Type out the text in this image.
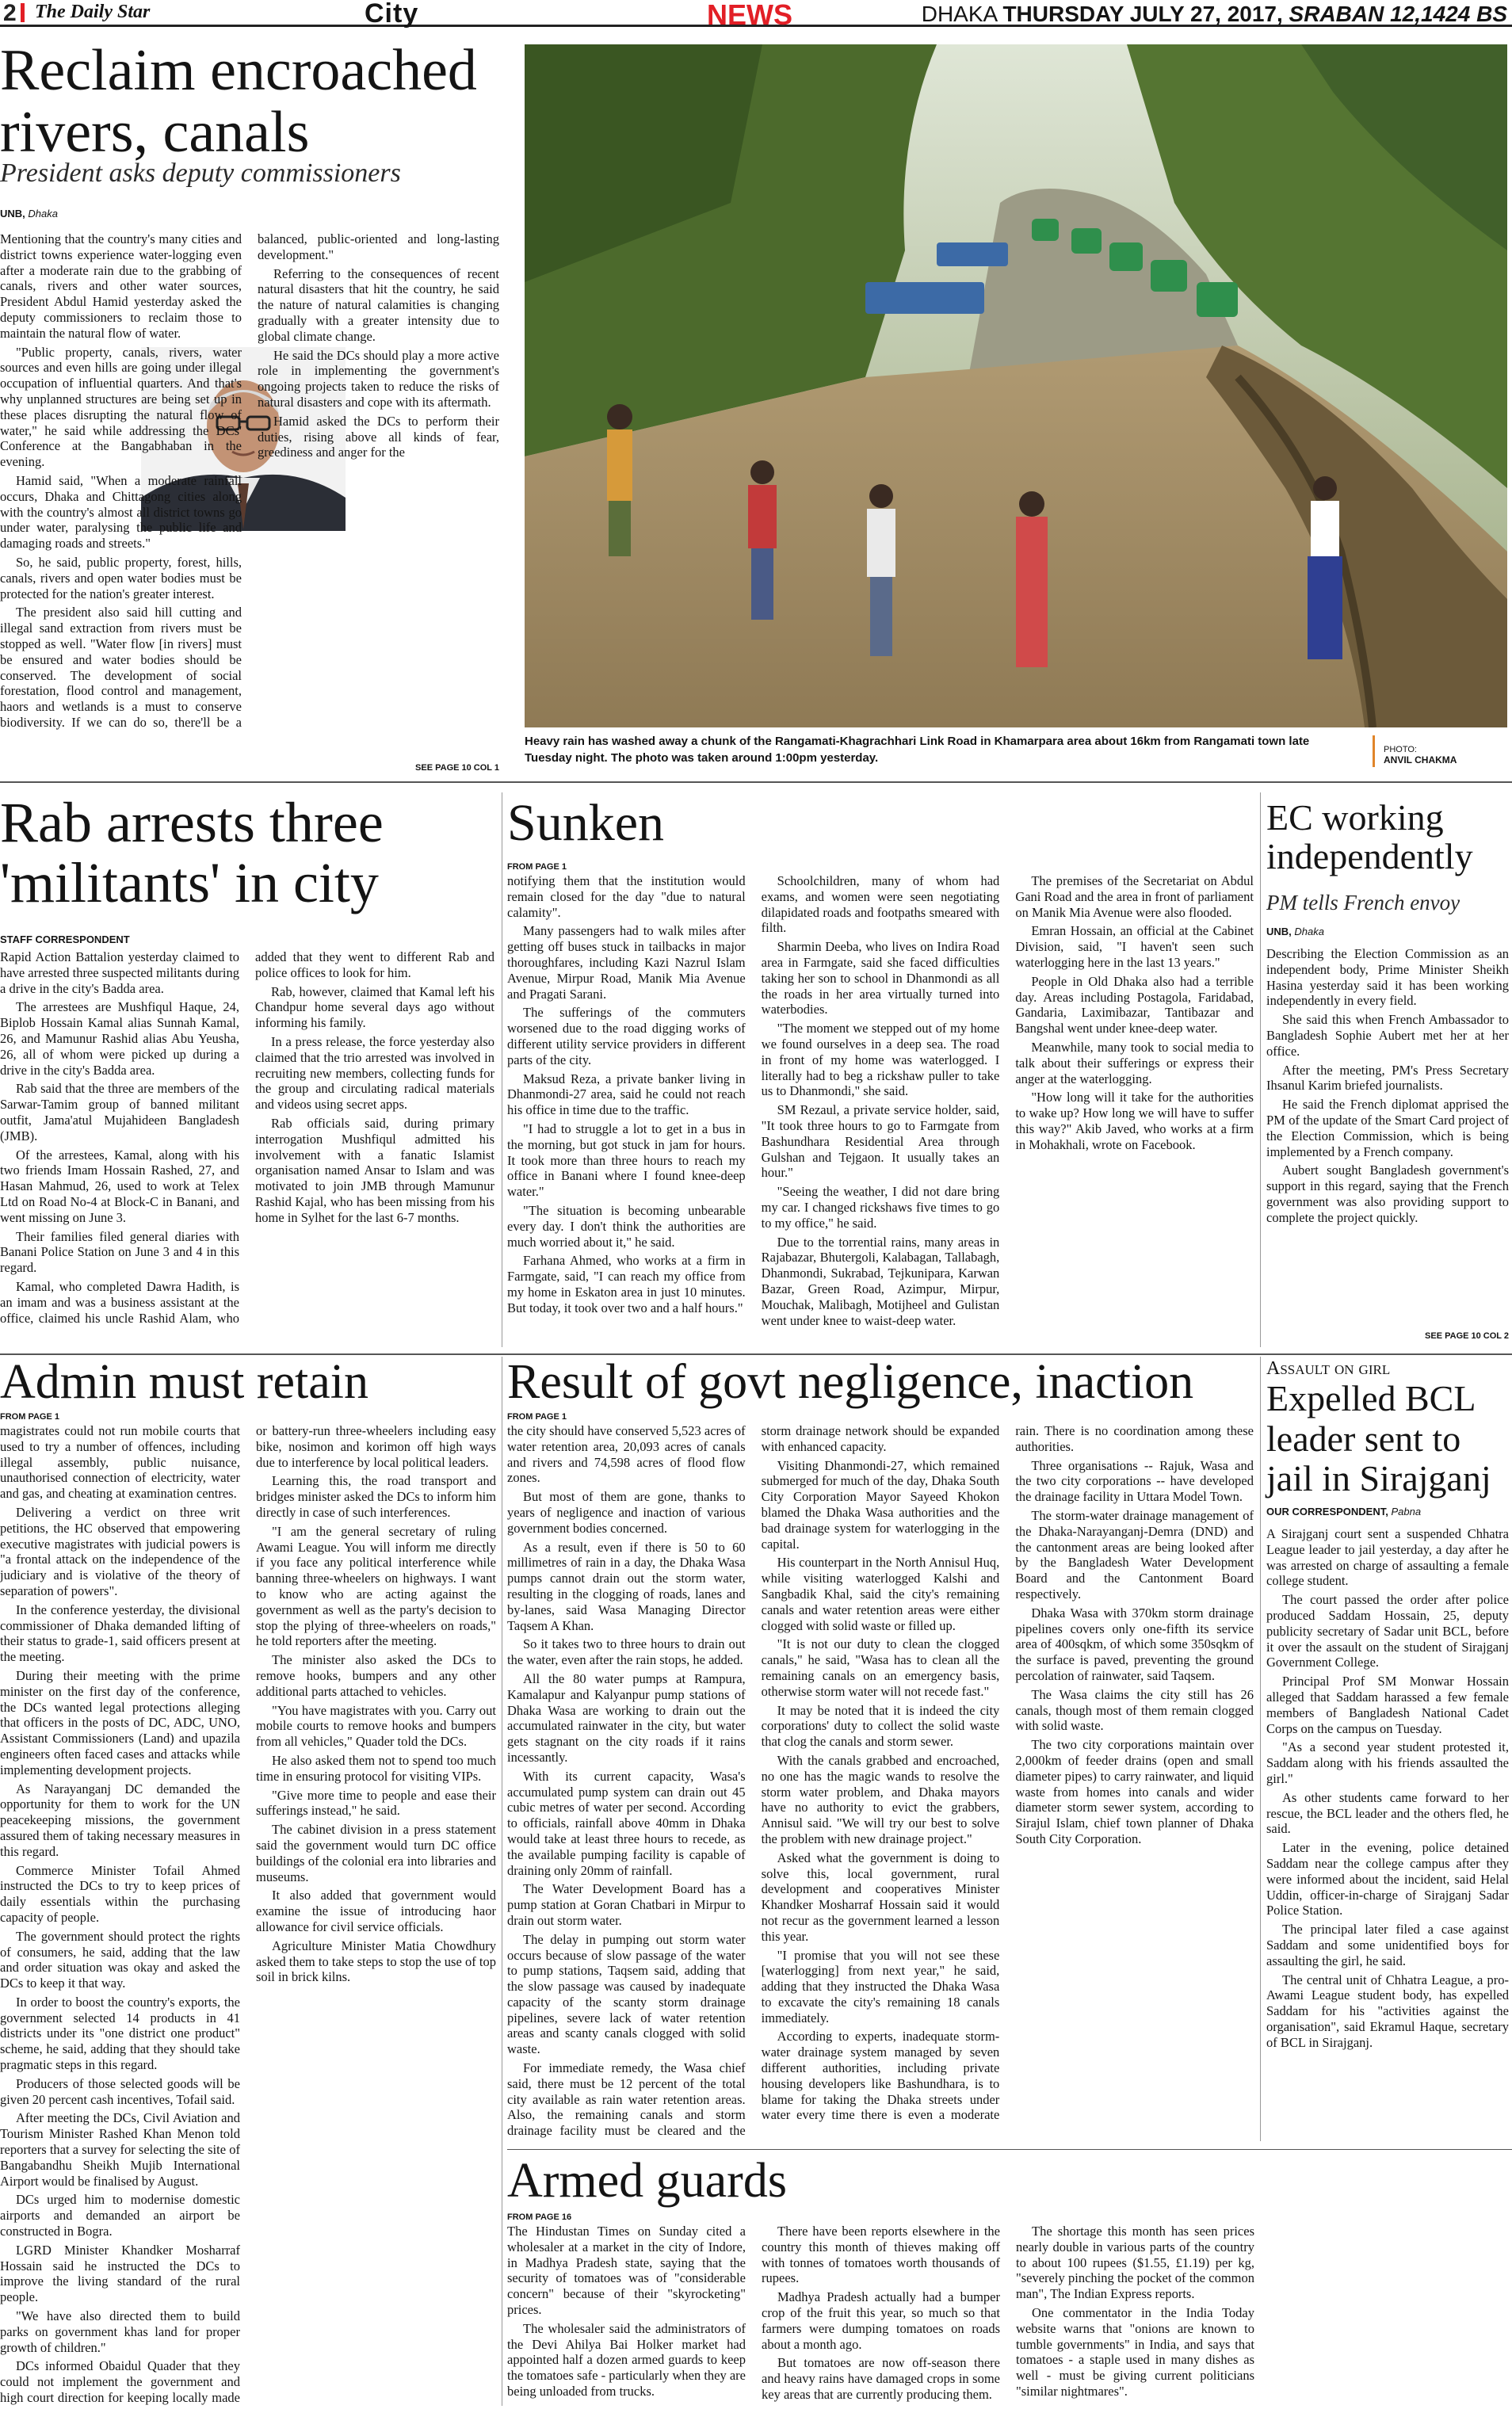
2 The Daily Star	City	NEWS	DHAKA THURSDAY JULY 27, 2017, SRABAN 12,1424 BS
Reclaim encroached rivers, canals
President asks deputy commissioners
UNB, Dhaka

Mentioning that the country's many cities and district towns experience water-logging even after a moderate rain due to the grabbing of canals, rivers and other water sources, President Abdul Hamid yesterday asked the deputy commissioners to reclaim those to maintain the natural flow of water.

"Public property, canals, rivers, water sources and even hills are going under illegal occupation of influential quarters. And that's why unplanned structures are being set up in these places disrupting the natural flow of water," he said while addressing the DCs' Conference at the Bangabhaban in the evening.

Hamid said, "When a moderate rainfall occurs, Dhaka and Chittagong cities along with the country's almost all district towns go under water, paralysing the public life and damaging roads and streets."

So, he said, public property, forest, hills, canals, rivers and open water bodies must be protected for the nation's greater interest.

The president also said hill cutting and illegal sand extraction from rivers must be stopped as well. "Water flow [in rivers] must be ensured and water bodies should be conserved. The development of social forestation, flood control and management, haors and wetlands is a must to conserve biodiversity. If we can do so, there'll be a balanced, public-oriented and long-lasting development."

Referring to the consequences of recent natural disasters that hit the country, he said the nature of natural calamities is changing gradually with a greater intensity due to global climate change.

He said the DCs should play a more active role in implementing the government's ongoing projects taken to reduce the risks of natural disasters and cope with its aftermath.

Hamid asked the DCs to perform their duties, rising above all kinds of fear, greediness and anger for the

SEE PAGE 10 COL 1
Heavy rain has washed away a chunk of the Rangamati-Khagrachhari Link Road in Khamarpara area about 16km from Rangamati town late Tuesday night. The photo was taken around 1:00pm yesterday.
PHOTO:
ANVIL CHAKMA
Rab arrests three 'militants' in city
STAFF CORRESPONDENT

Rapid Action Battalion yesterday claimed to have arrested three suspected militants during a drive in the city's Badda area.

The arrestees are Mushfiqul Haque, 24, Biplob Hossain Kamal alias Sunnah Kamal, 26, and Mamunur Rashid alias Abu Yeusha, 26, all of whom were picked up during a drive in the city's Badda area.

Rab said that the three are members of the Sarwar-Tamim group of banned militant outfit, Jama'atul Mujahideen Bangladesh (JMB).

Of the arrestees, Kamal, along with his two friends Imam Hossain Rashed, 27, and Hasan Mahmud, 26, used to work at Telex Ltd on Road No-4 at Block-C in Banani, and went missing on June 3.

Their families filed general diaries with Banani Police Station on June 3 and 4 in this regard.

Kamal, who completed Dawra Hadith, is an imam and was a business assistant at the office, claimed his uncle Rashid Alam, who added that they went to different Rab and police offices to look for him.

Rab, however, claimed that Kamal left his Chandpur home several days ago without informing his family.

In a press release, the force yesterday also claimed that the trio arrested was involved in recruiting new members, collecting funds for the group and circulating radical materials and videos using secret apps.

Rab officials said, during primary interrogation Mushfiqul admitted his involvement with a fanatic Islamist organisation named Ansar to Islam and was motivated to join JMB through Mamunur Rashid Kajal, who has been missing from his home in Sylhet for the last 6-7 months.

Sunken
FROM PAGE 1

notifying them that the institution would remain closed for the day "due to natural calamity".

Many passengers had to walk miles after getting off buses stuck in tailbacks in major thoroughfares, including Kazi Nazrul Islam Avenue, Mirpur Road, Manik Mia Avenue and Pragati Sarani.

The sufferings of the commuters worsened due to the road digging works of different utility service providers in different parts of the city.

Maksud Reza, a private banker living in Dhanmondi-27 area, said he could not reach his office in time due to the traffic.

"I had to struggle a lot to get in a bus in the morning, but got stuck in jam for hours. It took more than three hours to reach my office in Banani where I found knee-deep water."

"The situation is becoming unbearable every day. I don't think the authorities are much worried about it," he said.

Farhana Ahmed, who works at a firm in Farmgate, said, "I can reach my office from my home in Eskaton area in just 10 minutes. But today, it took over two and a half hours."

Schoolchildren, many of whom had exams, and women were seen negotiating dilapidated roads and footpaths smeared with filth.

Sharmin Deeba, who lives on Indira Road area in Farmgate, said she faced difficulties taking her son to school in Dhanmondi as all the roads in her area virtually turned into waterbodies.

"The moment we stepped out of my home we found ourselves in a deep sea. The road in front of my home was waterlogged. I literally had to beg a rickshaw puller to take us to Dhanmondi," she said.

SM Rezaul, a private service holder, said, "It took three hours to go to Farmgate from Bashundhara Residential Area through Gulshan and Tejgaon. It usually takes an hour."

"Seeing the weather, I did not dare bring my car. I changed rickshaws five times to go to my office," he said.

Due to the torrential rains, many areas in Rajabazar, Bhutergoli, Kalabagan, Tallabagh, Dhanmondi, Sukrabad, Tejkunipara, Karwan Bazar, Green Road, Azimpur, Mirpur, Mouchak, Malibagh, Motijheel and Gulistan went under knee to waist-deep water.

The premises of the Secretariat on Abdul Gani Road and the area in front of parliament on Manik Mia Avenue were also flooded.

Emran Hossain, an official at the Cabinet Division, said, "I haven't seen such waterlogging here in the last 13 years."

People in Old Dhaka also had a terrible day. Areas including Postagola, Faridabad, Gandaria, Laximibazar, Tantibazar and Bangshal went under knee-deep water.

Meanwhile, many took to social media to talk about their sufferings or express their anger at the waterlogging.

"How long will it take for the authorities to wake up? How long we will have to suffer this way?" Akib Javed, who works at a firm in Mohakhali, wrote on Facebook.

EC working independently
PM tells French envoy
UNB, Dhaka

Describing the Election Commission as an independent body, Prime Minister Sheikh Hasina yesterday said it has been working independently in every field.

She said this when French Ambassador to Bangladesh Sophie Aubert met her at her office.

After the meeting, PM's Press Secretary Ihsanul Karim briefed journalists.

He said the French diplomat apprised the PM of the update of the Smart Card project of the Election Commission, which is being implemented by a French company.

Aubert sought Bangladesh government's support in this regard, saying that the French government was also providing support to complete the project quickly.

SEE PAGE 10 COL 2
Admin must retain
FROM PAGE 1

magistrates could not run mobile courts that used to try a number of offences, including illegal assembly, public nuisance, unauthorised connection of electricity, water and gas, and cheating at examination centres.

Delivering a verdict on three writ petitions, the HC observed that empowering executive magistrates with judicial powers is "a frontal attack on the independence of the judiciary and is violative of the theory of separation of powers".

In the conference yesterday, the divisional commissioner of Dhaka demanded lifting of their status to grade-1, said officers present at the meeting.

During their meeting with the prime minister on the first day of the conference, the DCs wanted legal protections alleging that officers in the posts of DC, ADC, UNO, Assistant Commissioners (Land) and upazila engineers often faced cases and attacks while implementing development projects.

As Narayanganj DC demanded the opportunity for them to work for the UN peacekeeping missions, the government assured them of taking necessary measures in this regard.

Commerce Minister Tofail Ahmed instructed the DCs to try to keep prices of daily essentials within the purchasing capacity of people.

The government should protect the rights of consumers, he said, adding that the law and order situation was okay and asked the DCs to keep it that way.

In order to boost the country's exports, the government selected 14 products in 41 districts under its "one district one product" scheme, he said, adding that they should take pragmatic steps in this regard.

Producers of those selected goods will be given 20 percent cash incentives, Tofail said.

After meeting the DCs, Civil Aviation and Tourism Minister Rashed Khan Menon told reporters that a survey for selecting the site of Bangabandhu Sheikh Mujib International Airport would be finalised by August.

DCs urged him to modernise domestic airports and demanded an airport be constructed in Bogra.

LGRD Minister Khandker Mosharraf Hossain said he instructed the DCs to improve the living standard of the rural people.

"We have also directed them to build parks on government khas land for proper growth of children."

DCs informed Obaidul Quader that they could not implement the government and high court direction for keeping locally made or battery-run three-wheelers including easy bike, nosimon and korimon off high ways due to interference by local political leaders.

Learning this, the road transport and bridges minister asked the DCs to inform him directly in case of such interferences.

"I am the general secretary of ruling Awami League. You will inform me directly if you face any political interference while banning three-wheelers on highways. I want to know who are acting against the government as well as the party's decision to stop the plying of three-wheelers on roads," he told reporters after the meeting.

The minister also asked the DCs to remove hooks, bumpers and any other additional parts attached to vehicles.

"You have magistrates with you. Carry out mobile courts to remove hooks and bumpers from all vehicles," Quader told the DCs.

He also asked them not to spend too much time in ensuring protocol for visiting VIPs.

"Give more time to people and ease their sufferings instead," he said.

The cabinet division in a press statement said the government would turn DC office buildings of the colonial era into libraries and museums.

It also added that government would examine the issue of introducing haor allowance for civil service officials.

Agriculture Minister Matia Chowdhury asked them to take steps to stop the use of top soil in brick kilns.

Result of govt negligence, inaction
FROM PAGE 1

the city should have conserved 5,523 acres of water retention area, 20,093 acres of canals and rivers and 74,598 acres of flood flow zones.

But most of them are gone, thanks to years of negligence and inaction of various government bodies concerned.

As a result, even if there is 50 to 60 millimetres of rain in a day, the Dhaka Wasa pumps cannot drain out the storm water, resulting in the clogging of roads, lanes and by-lanes, said Wasa Managing Director Taqsem A Khan.

So it takes two to three hours to drain out the water, even after the rain stops, he added.

All the 80 water pumps at Rampura, Kamalapur and Kalyanpur pump stations of Dhaka Wasa are working to drain out the accumulated rainwater in the city, but water gets stagnant on the city roads if it rains incessantly.

With its current capacity, Wasa's accumulated pump system can drain out 45 cubic metres of water per second. According to officials, rainfall above 40mm in Dhaka would take at least three hours to recede, as the available pumping facility is capable of draining only 20mm of rainfall.

The Water Development Board has a pump station at Goran Chatbari in Mirpur to drain out storm water.

The delay in pumping out storm water occurs because of slow passage of the water to pump stations, Taqsem said, adding that the slow passage was caused by inadequate capacity of the scanty storm drainage pipelines, severe lack of water retention areas and scanty canals clogged with solid waste.

For immediate remedy, the Wasa chief said, there must be 12 percent of the total city available as rain water retention areas. Also, the remaining canals and storm drainage facility must be cleared and the storm drainage network should be expanded with enhanced capacity.

Visiting Dhanmondi-27, which remained submerged for much of the day, Dhaka South City Corporation Mayor Sayeed Khokon blamed the Dhaka Wasa authorities and the bad drainage system for waterlogging in the capital.

His counterpart in the North Annisul Huq, while visiting waterlogged Kalshi and Sangbadik Khal, said the city's remaining canals and water retention areas were either clogged with solid waste or filled up.

"It is not our duty to clean the clogged canals," he said, "Wasa has to clean all the remaining canals on an emergency basis, otherwise storm water will not recede fast."

It may be noted that it is indeed the city corporations' duty to collect the solid waste that clog the canals and storm sewer.

With the canals grabbed and encroached, no one has the magic wands to resolve the storm water problem, and Dhaka mayors have no authority to evict the grabbers, Annisul said. "We will try our best to solve the problem with new drainage project."

Asked what the government is doing to solve this, local government, rural development and cooperatives Minister Khandker Mosharraf Hossain said it would not recur as the government learned a lesson this year.

"I promise that you will not see these [waterlogging] from next year," he said, adding that they instructed the Dhaka Wasa to excavate the city's remaining 18 canals immediately.

According to experts, inadequate storm-water drainage system managed by seven different authorities, including private housing developers like Bashundhara, is to blame for taking the Dhaka streets under water every time there is even a moderate rain. There is no coordination among these authorities.

Three organisations -- Rajuk, Wasa and the two city corporations -- have developed the drainage facility in Uttara Model Town.

The storm-water drainage management of the Dhaka-Narayanganj-Demra (DND) and the cantonment areas are being looked after by the Bangladesh Water Development Board and the Cantonment Board respectively.

Dhaka Wasa with 370km storm drainage pipelines covers only one-fifth its service area of 400sqkm, of which some 350sqkm of the surface is paved, preventing the ground percolation of rainwater, said Taqsem.

The Wasa claims the city still has 26 canals, though most of them remain clogged with solid waste.

The two city corporations maintain over 2,000km of feeder drains (open and small diameter pipes) to carry rainwater, and liquid waste from homes into canals and wider diameter storm sewer system, according to Sirajul Islam, chief town planner of Dhaka South City Corporation.

Armed guards
FROM PAGE 16

The Hindustan Times on Sunday cited a wholesaler at a market in the city of Indore, in Madhya Pradesh state, saying that the security of tomatoes was of "considerable concern" because of their "skyrocketing" prices.

The wholesaler said the administrators of the Devi Ahilya Bai Holker market had appointed half a dozen armed guards to keep the tomatoes safe - particularly when they are being unloaded from trucks.

There have been reports elsewhere in the country this month of thieves making off with tonnes of tomatoes worth thousands of rupees.

Madhya Pradesh actually had a bumper crop of the fruit this year, so much so that farmers were dumping tomatoes on roads about a month ago.

But tomatoes are now off-season there and heavy rains have damaged crops in some key areas that are currently producing them.

The shortage this month has seen prices nearly double in various parts of the country to about 100 rupees ($1.55, £1.19) per kg, "severely pinching the pocket of the common man", The Indian Express reports.

One commentator in the India Today website warns that "onions are known to tumble governments" in India, and says that tomatoes - a staple used in many dishes as well - must be giving current politicians "similar nightmares".

Assault on girl
Expelled BCL leader sent to jail in Sirajganj
OUR CORRESPONDENT, Pabna

A Sirajganj court sent a suspended Chhatra League leader to jail yesterday, a day after he was arrested on charge of assaulting a female college student.

The court passed the order after police produced Saddam Hossain, 25, deputy publicity secretary of Sadar unit BCL, before it over the assault on the student of Sirajganj Government College.

Principal Prof SM Monwar Hossain alleged that Saddam harassed a few female members of Bangladesh National Cadet Corps on the campus on Tuesday.

"As a second year student protested it, Saddam along with his friends assaulted the girl."

As other students came forward to her rescue, the BCL leader and the others fled, he said.

Later in the evening, police detained Saddam near the college campus after they were informed about the incident, said Helal Uddin, officer-in-charge of Sirajganj Sadar Police Station.

The principal later filed a case against Saddam and some unidentified boys for assaulting the girl, he said.

The central unit of Chhatra League, a pro-Awami League student body, has expelled Saddam for his "activities against the organisation", said Ekramul Haque, secretary of BCL in Sirajganj.
